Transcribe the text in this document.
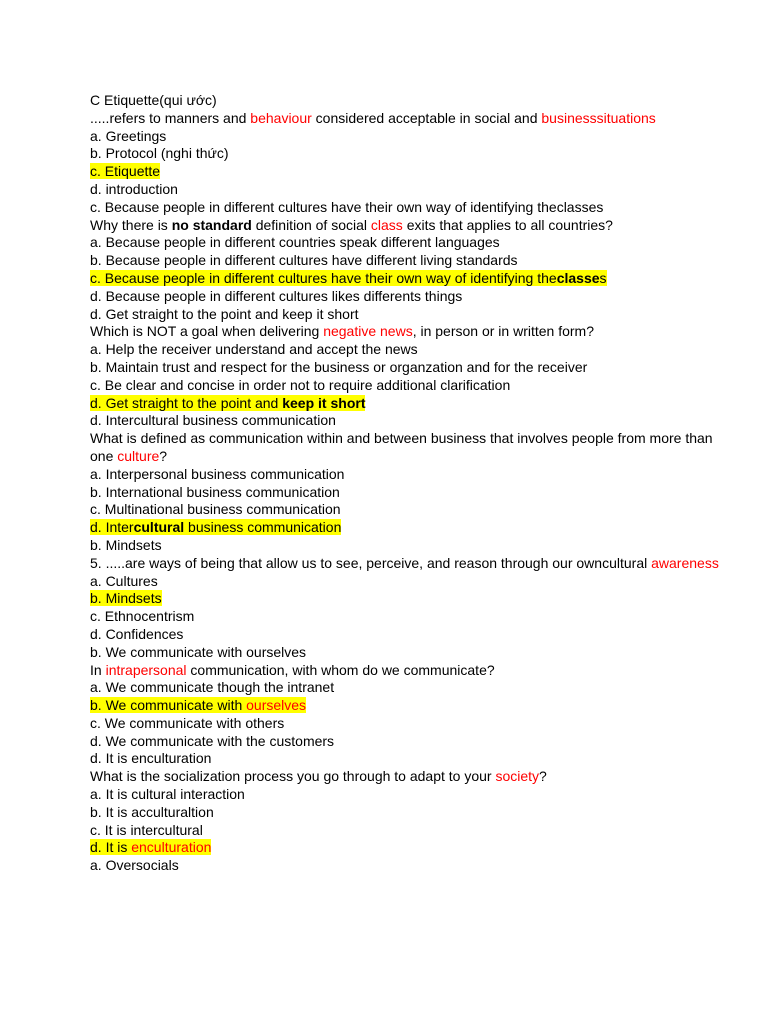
C Etiquette(qui ước)
.....refers to manners and behaviour considered acceptable in social and businesssituations
a. Greetings
b. Protocol (nghi thức)
c. Etiquette
d. introduction
c. Because people in different cultures have their own way of identifying theclasses
Why there is no standard definition of social class exits that applies to all countries?
a. Because people in different countries speak different languages
b. Because people in different cultures have different living standards
c. Because people in different cultures have their own way of identifying theclasses
d. Because people in different cultures likes differents things
d. Get straight to the point and keep it short
Which is NOT a goal when delivering negative news, in person or in written form?
a. Help the receiver understand and accept the news
b. Maintain trust and respect for the business or organzation and for the receiver
c. Be clear and concise in order not to require additional clarification
d. Get straight to the point and keep it short
d. Intercultural business communication
What is defined as communication within and between business that involves people from more than one culture?
a. Interpersonal business communication
b. International business communication
c. Multinational business communication
d. Intercultural business communication
b. Mindsets
5. .....are ways of being that allow us to see, perceive, and reason through our owncultural awareness
a. Cultures
b. Mindsets
c. Ethnocentrism
d. Confidences
b. We communicate with ourselves
In intrapersonal communication, with whom do we communicate?
a. We communicate though the intranet
b. We communicate with ourselves
c. We communicate with others
d. We communicate with the customers
d. It is enculturation
What is the socialization process you go through to adapt to your society?
a. It is cultural interaction
b. It is acculturaltion
c. It is intercultural
d. It is enculturation
a. Oversocials
